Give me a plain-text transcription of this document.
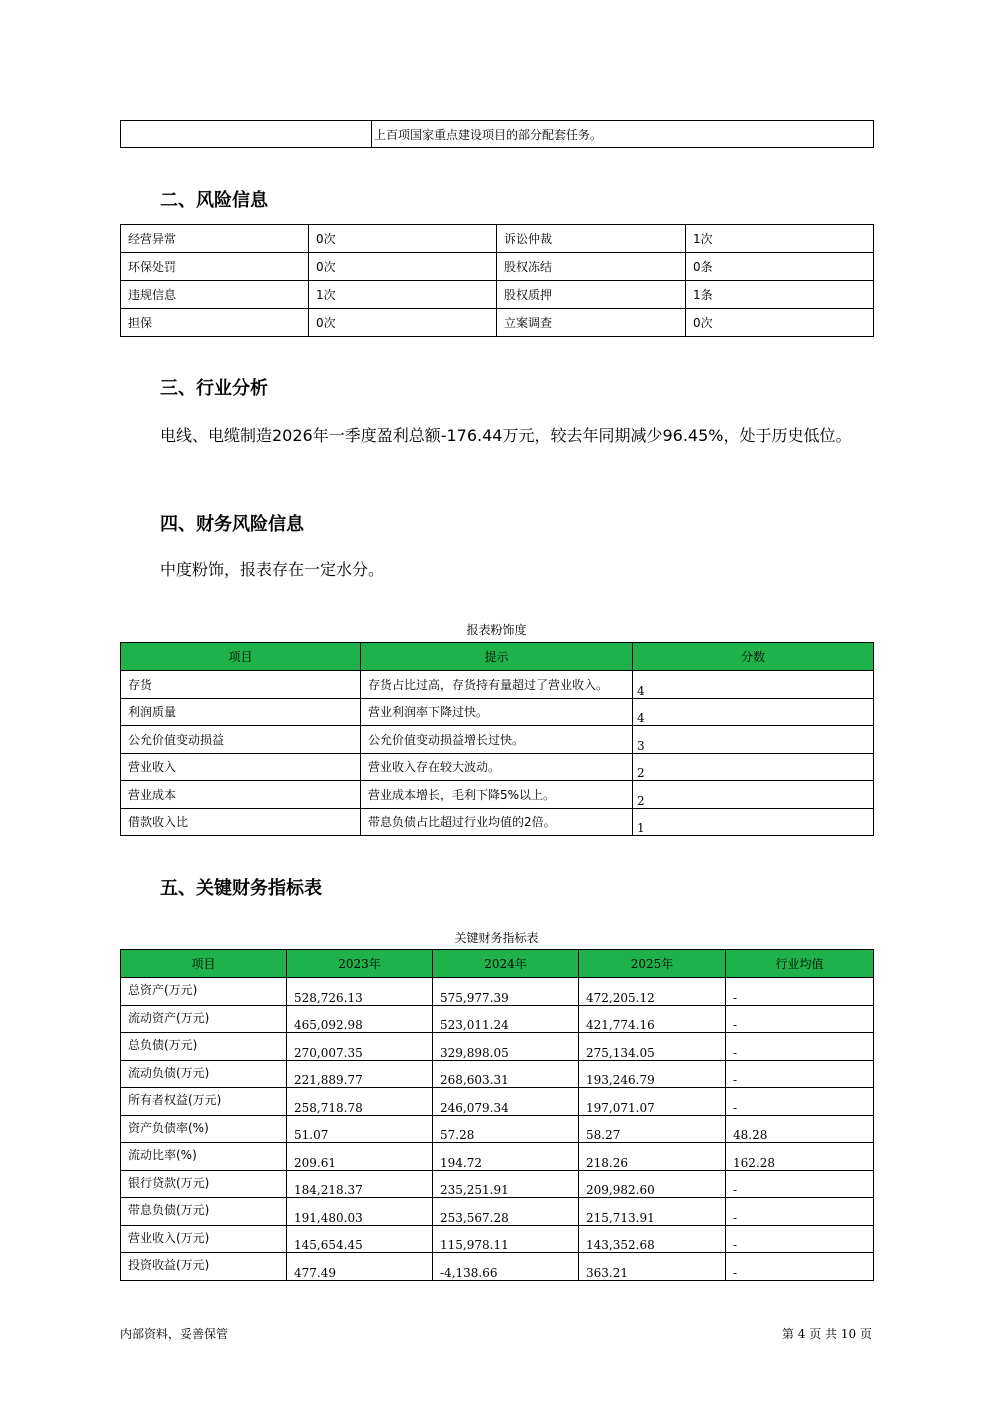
	上百项国家重点建设项目的部分配套任务。
二、风险信息
经营异常	0次	诉讼仲裁	1次
环保处罚	0次	股权冻结	0条
违规信息	1次	股权质押	1条
担保	0次	立案调查	0次
三、行业分析
电线、电缆制造2026年一季度盈利总额-176.44万元，较去年同期减少96.45%，处于历史低位。
四、财务风险信息
中度粉饰，报表存在一定水分。
报表粉饰度
项目	提示	分数
存货	存货占比过高，存货持有量超过了营业收入。	4
利润质量	营业利润率下降过快。	4
公允价值变动损益	公允价值变动损益增长过快。	3
营业收入	营业收入存在较大波动。	2
营业成本	营业成本增长，毛利下降5%以上。	2
借款收入比	带息负债占比超过行业均值的2倍。	1
五、关键财务指标表
关键财务指标表
项目	2023年	2024年	2025年	行业均值
总资产(万元)	528,726.13	575,977.39	472,205.12	-
流动资产(万元)	465,092.98	523,011.24	421,774.16	-
总负债(万元)	270,007.35	329,898.05	275,134.05	-
流动负债(万元)	221,889.77	268,603.31	193,246.79	-
所有者权益(万元)	258,718.78	246,079.34	197,071.07	-
资产负债率(%)	51.07	57.28	58.27	48.28
流动比率(%)	209.61	194.72	218.26	162.28
银行贷款(万元)	184,218.37	235,251.91	209,982.60	-
带息负债(万元)	191,480.03	253,567.28	215,713.91	-
营业收入(万元)	145,654.45	115,978.11	143,352.68	-
投资收益(万元)	477.49	-4,138.66	363.21	-
内部资料，妥善保管	第 4 页 共 10 页
